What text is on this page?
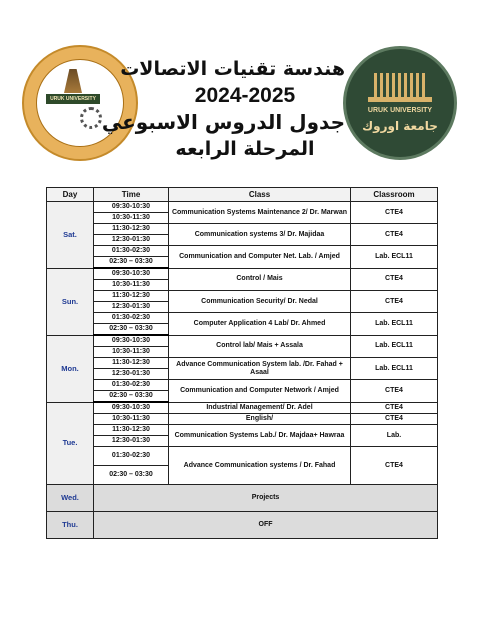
URUK UNIVERSITY
URUK UNIVERSITY
جامعة اوروك
هندسة تقنيات الاتصالات
2024-2025
جدول الدروس الاسبوعي
المرحلة الرابعه
Day	Time	Class	Classroom
Sat.	09:30-10:30	Communication Systems Maintenance 2/ Dr. Marwan	CTE4
	10:30-11:30		
	11:30-12:30	Communication systems 3/ Dr. Majidaa	CTE4
	12:30-01:30		
	01:30-02:30	Communication and Computer Net. Lab. / Amjed	Lab. ECL11
	02:30 – 03:30		
Sun.	09:30-10:30	Control / Mais	CTE4
	10:30-11:30		
	11:30-12:30	Communication Security/ Dr. Nedal	CTE4
	12:30-01:30		
	01:30-02:30	Computer Application 4 Lab/ Dr. Ahmed	Lab. ECL11
	02:30 – 03:30		
Mon.	09:30-10:30	Control lab/ Mais + Assala	Lab. ECL11
	10:30-11:30		
	11:30-12:30	Advance Communication System lab. /Dr. Fahad + Asaal	Lab. ECL11
	12:30-01:30		
	01:30-02:30	Communication and Computer Network / Amjed	CTE4
	02:30 – 03:30		
Tue.	09:30-10:30	Industrial Management/ Dr. Adel	CTE4
	10:30-11:30	English/	CTE4
	11:30-12:30	Communication Systems Lab./ Dr. Majdaa+ Hawraa	Lab.
	12:30-01:30		
	01:30-02:30	Advance Communication systems / Dr. Fahad	CTE4
	02:30 – 03:30		
Wed.	Projects		
Thu.	OFF		
